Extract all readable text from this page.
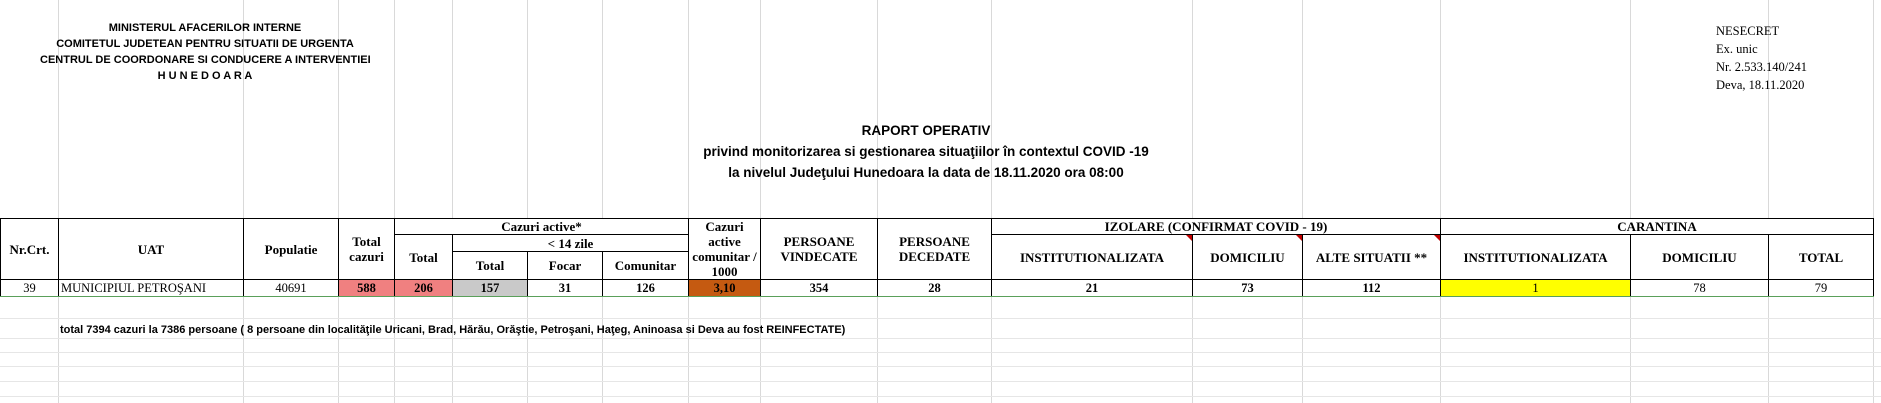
MINISTERUL AFACERILOR INTERNE
COMITETUL JUDETEAN PENTRU SITUATII DE URGENTA
CENTRUL DE COORDONARE SI CONDUCERE A INTERVENTIEI
H U N E D O A R A
NESECRET
Ex. unic
Nr. 2.533.140/241
Deva, 18.11.2020
RAPORT OPERATIV
privind monitorizarea si gestionarea situaţiilor în contextul COVID -19
la nivelul Judeţului Hunedoara la data de 18.11.2020 ora 08:00
Nr.Crt.	UAT	Populatie	Total cazuri	Cazuri active*				Cazuri active comunitar / 1000	PERSOANE VINDECATE	PERSOANE DECEDATE	IZOLARE (CONFIRMAT COVID - 19)			CARANTINA		
				Total	< 14 zile						INSTITUTIONALIZATA	DOMICILIU	ALTE SITUATII **	INSTITUTIONALIZATA	DOMICILIU	TOTAL
					Total	Focar	Comunitar									
39	MUNICIPIUL PETROŞANI	40691	588	206	157	31	126	3,10	354	28	21	73	112	1	78	79
total 7394 cazuri la 7386 persoane ( 8 persoane din localităţile Uricani, Brad, Hărău, Orăştie, Petroşani, Haţeg, Aninoasa si Deva au fost REINFECTATE)
